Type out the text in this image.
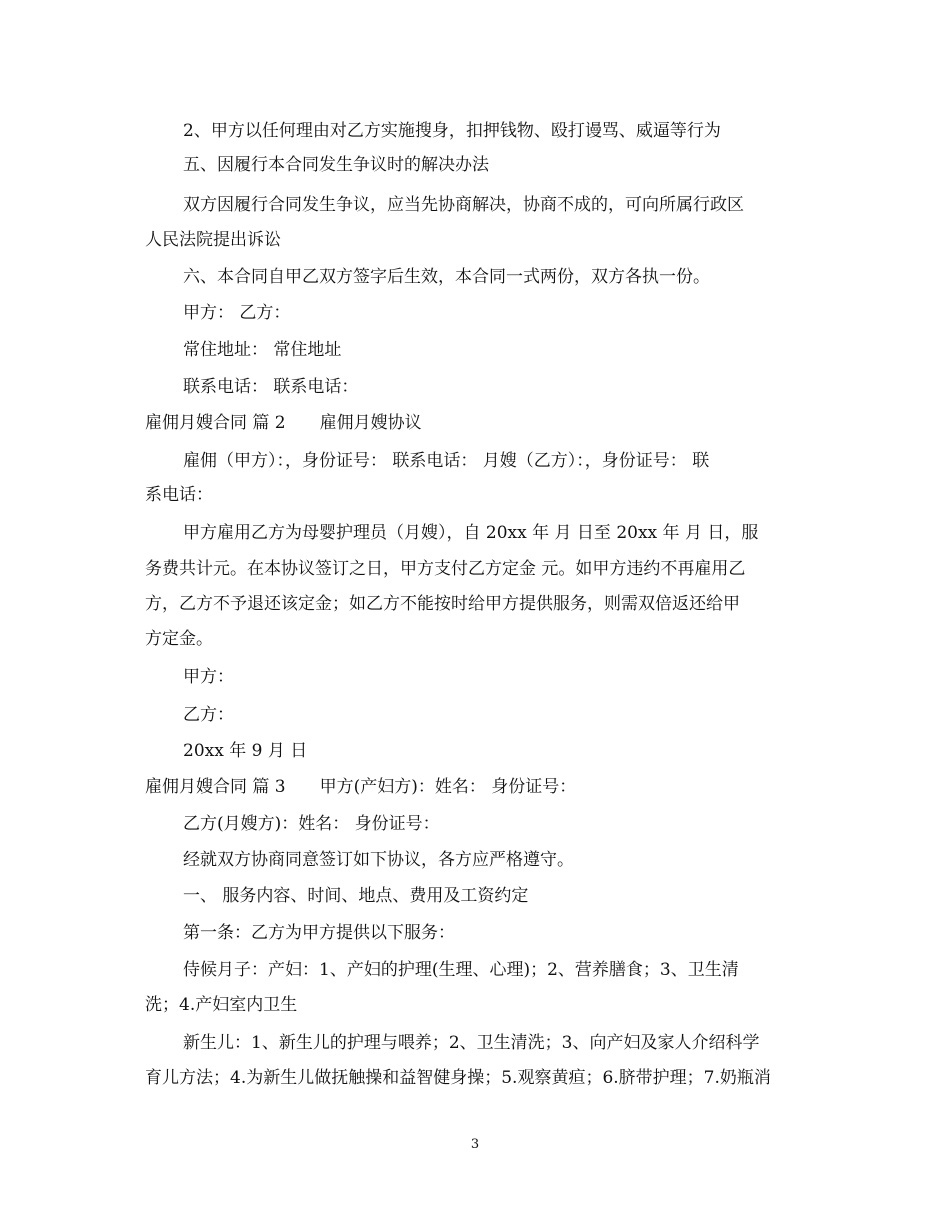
2、甲方以任何理由对乙方实施搜身，扣押钱物、殴打谩骂、威逼等行为
五、因履行本合同发生争议时的解决办法
双方因履行合同发生争议，应当先协商解决，协商不成的，可向所属行政区
人民法院提出诉讼
六、本合同自甲乙双方签字后生效，本合同一式两份，双方各执一份。
甲方： 乙方：
常住地址： 常住地址
联系电话： 联系电话：
雇佣月嫂合同 篇 2 雇佣月嫂协议
雇佣（甲方）：，身份证号： 联系电话： 月嫂（乙方）：，身份证号： 联
系电话：
甲方雇用乙方为母婴护理员（月嫂），自 20xx 年 月 日至 20xx 年 月 日，服
务费共计元。在本协议签订之日，甲方支付乙方定金 元。如甲方违约不再雇用乙
方，乙方不予退还该定金；如乙方不能按时给甲方提供服务，则需双倍返还给甲
方定金。
甲方：
乙方：
20xx 年 9 月 日
雇佣月嫂合同 篇 3 甲方(产妇方)：姓名： 身份证号：
乙方(月嫂方)：姓名： 身份证号：
经就双方协商同意签订如下协议，各方应严格遵守。
一、 服务内容、时间、地点、费用及工资约定
第一条：乙方为甲方提供以下服务：
侍候月子：产妇：1、产妇的护理(生理、心理)；2、营养膳食；3、卫生清
洗；4.产妇室内卫生
新生儿：1、新生儿的护理与喂养；2、卫生清洗；3、向产妇及家人介绍科学
育儿方法；4.为新生儿做抚触操和益智健身操；5.观察黄疸；6.脐带护理；7.奶瓶消
3
